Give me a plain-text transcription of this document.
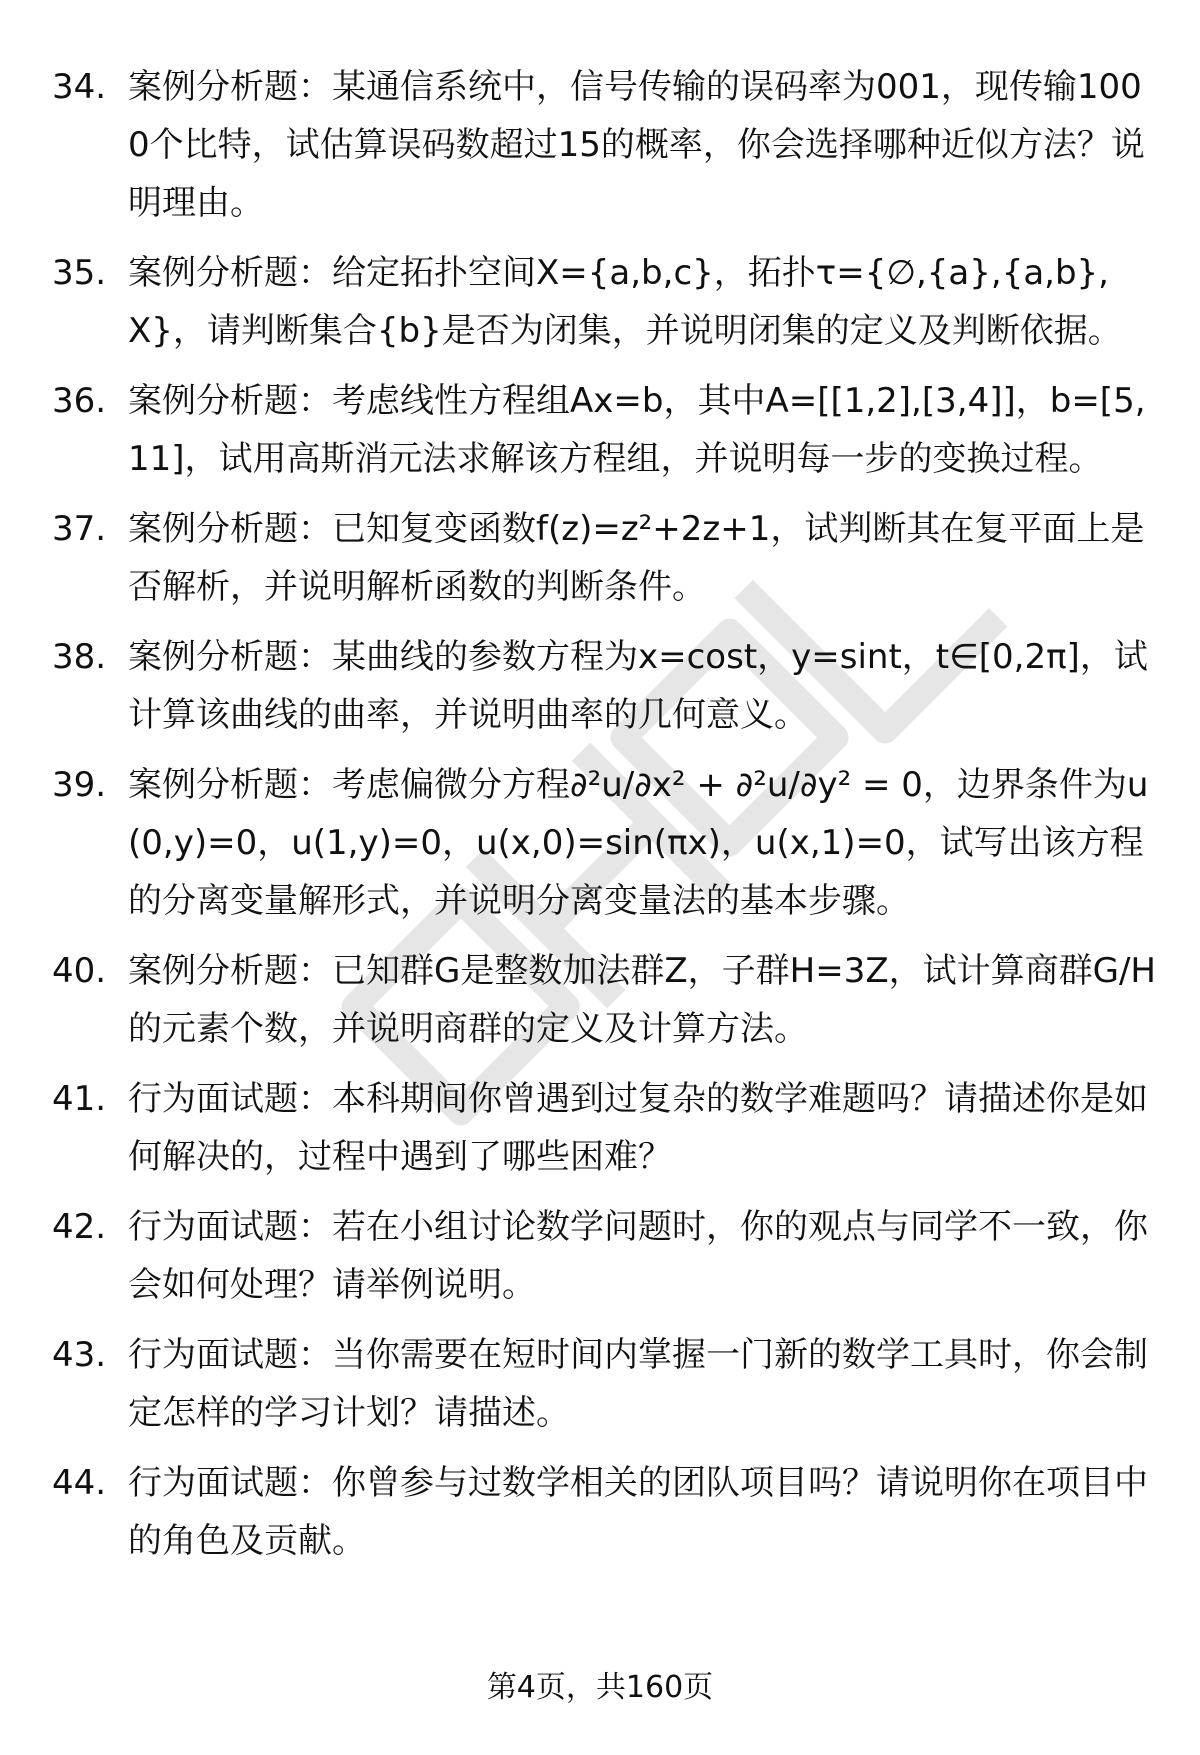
34. 案例分析题：某通信系统中，信号传输的误码率为001，现传输1000个比特，试估算误码数超过15的概率，你会选择哪种近似方法？说明理由。
35. 案例分析题：给定拓扑空间X={a,b,c}，拓扑τ={∅,{a},{a,b},X}，请判断集合{b}是否为闭集，并说明闭集的定义及判断依据。
36. 案例分析题：考虑线性方程组Ax=b，其中A=[[1,2],[3,4]]，b=[5,11]，试用高斯消元法求解该方程组，并说明每一步的变换过程。
37. 案例分析题：已知复变函数f(z)=z²+2z+1，试判断其在复平面上是否解析，并说明解析函数的判断条件。
38. 案例分析题：某曲线的参数方程为x=cost，y=sint，t∈[0,2π]，试计算该曲线的曲率，并说明曲率的几何意义。
39. 案例分析题：考虑偏微分方程∂²u/∂x² + ∂²u/∂y² = 0，边界条件为u(0,y)=0，u(1,y)=0，u(x,0)=sin(πx)，u(x,1)=0，试写出该方程的分离变量解形式，并说明分离变量法的基本步骤。
40. 案例分析题：已知群G是整数加法群Z，子群H=3Z，试计算商群G/H的元素个数，并说明商群的定义及计算方法。
41. 行为面试题：本科期间你曾遇到过复杂的数学难题吗？请描述你是如何解决的，过程中遇到了哪些困难？
42. 行为面试题：若在小组讨论数学问题时，你的观点与同学不一致，你会如何处理？请举例说明。
43. 行为面试题：当你需要在短时间内掌握一门新的数学工具时，你会制定怎样的学习计划？请描述。
44. 行为面试题：你曾参与过数学相关的团队项目吗？请说明你在项目中的角色及贡献。
第4页，共160页
